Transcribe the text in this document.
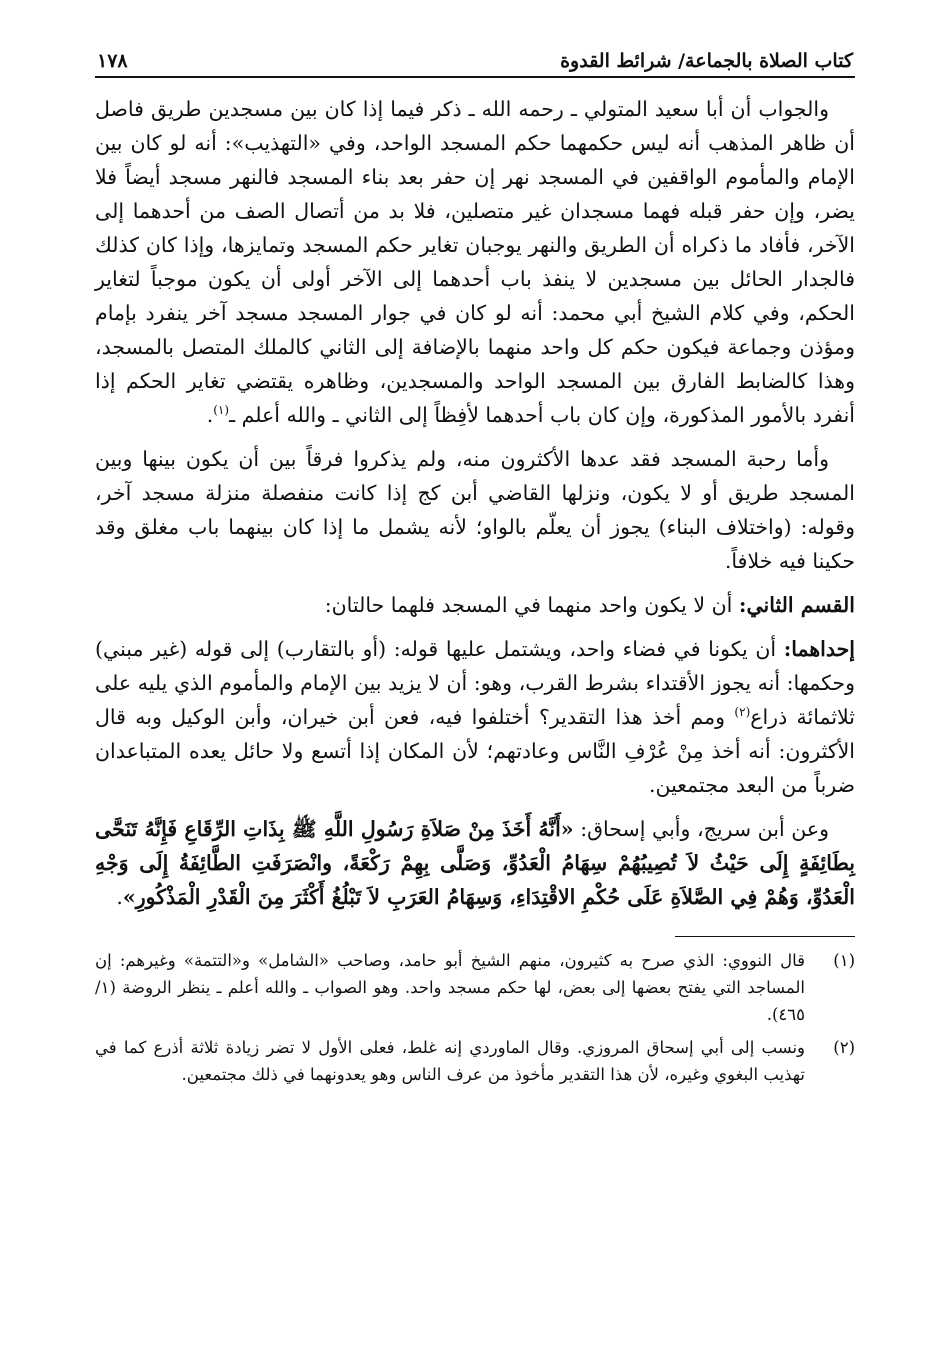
كتاب الصلاة بالجماعة/ شرائط القدوة
١٧٨

والجواب أن أبا سعيد المتولي ـ رحمه الله ـ ذكر فيما إذا كان بين مسجدين طريق فاصل أن ظاهر المذهب أنه ليس حكمهما حكم المسجد الواحد، وفي «التهذيب»: أنه لو كان بين الإمام والمأموم الواقفين في المسجد نهر إن حفر بعد بناء المسجد فالنهر مسجد أيضاً فلا يضر، وإن حفر قبله فهما مسجدان غير متصلين، فلا بد من أتصال الصف من أحدهما إلى الآخر، فأفاد ما ذكراه أن الطريق والنهر يوجبان تغاير حكم المسجد وتمايزها، وإذا كان كذلك فالجدار الحائل بين مسجدين لا ينفذ باب أحدهما إلى الآخر أولى أن يكون موجباً لتغاير الحكم، وفي كلام الشيخ أبي محمد: أنه لو كان في جوار المسجد مسجد آخر ينفرد بإمام ومؤذن وجماعة فيكون حكم كل واحد منهما بالإضافة إلى الثاني كالملك المتصل بالمسجد، وهذا كالضابط الفارق بين المسجد الواحد والمسجدين، وظاهره يقتضي تغاير الحكم إذا أنفرد بالأمور المذكورة، وإن كان باب أحدهما لأفِظاً إلى الثاني ـ والله أعلم ـ$^{(١)}$.

وأما رحبة المسجد فقد عدها الأكثرون منه، ولم يذكروا فرقاً بين أن يكون بينها وبين المسجد طريق أو لا يكون، ونزلها القاضي أبن كج إذا كانت منفصلة منزلة مسجد آخر، وقوله: (واختلاف البناء) يجوز أن يعلّم بالواو؛ لأنه يشمل ما إذا كان بينهما باب مغلق وقد حكينا فيه خلافاً.

القسم الثاني: أن لا يكون واحد منهما في المسجد فلهما حالتان:

إحداهما: أن يكونا في فضاء واحد، ويشتمل عليها قوله: (أو بالتقارب) إلى قوله (غير مبني) وحكمها: أنه يجوز الأقتداء بشرط القرب، وهو: أن لا يزيد بين الإمام والمأموم الذي يليه على ثلاثمائة ذراع$^{(٢)}$ ومم أخذ هذا التقدير؟ أختلفوا فيه، فعن أبن خيران، وأبن الوكيل وبه قال الأكثرون: أنه أخذ مِنْ عُرْفِ النَّاس وعادتهم؛ لأن المكان إذا أتسع ولا حائل يعده المتباعدان ضرباً من البعد مجتمعين.

وعن أبن سريج، وأبي إسحاق: «أَنَّهُ أَخَذَ مِنْ صَلاَةِ رَسُولِ اللَّهِ ﷺ بِذَاتِ الرِّقَاعِ فَإِنَّهُ تَنَحَّى بِطَائِفَةٍ إِلَى حَيْثُ لاَ تُصِيبُهُمْ سِهَامُ الْعَدُوِّ، وَصَلَّى بِهِمْ رَكْعَةً، وانْصَرَفَتِ الطَّائِفَةُ إِلَى وَجْهِ الْعَدُوِّ، وَهُمْ فِي الصَّلاَةِ عَلَى حُكْمِ الاقْتِدَاءِ، وَسِهَامُ العَرَبِ لاَ تَبْلُغُ أَكْثَرَ مِنَ الْقَدْرِ الْمَذْكُورِ».

(١)
قال النووي: الذي صرح به كثيرون، منهم الشيخ أبو حامد، وصاحب «الشامل» و«التتمة» وغيرهم: إن المساجد التي يفتح بعضها إلى بعض، لها حكم مسجد واحد. وهو الصواب ـ والله أعلم ـ ينظر الروضة (١/ ٤٦٥).
(٢)
ونسب إلى أبي إسحاق المروزي. وقال الماوردي إنه غلط، فعلى الأول لا تضر زيادة ثلاثة أذرع كما في تهذيب البغوي وغيره، لأن هذا التقدير مأخوذ من عرف الناس وهو يعدونهما في ذلك مجتمعين.
